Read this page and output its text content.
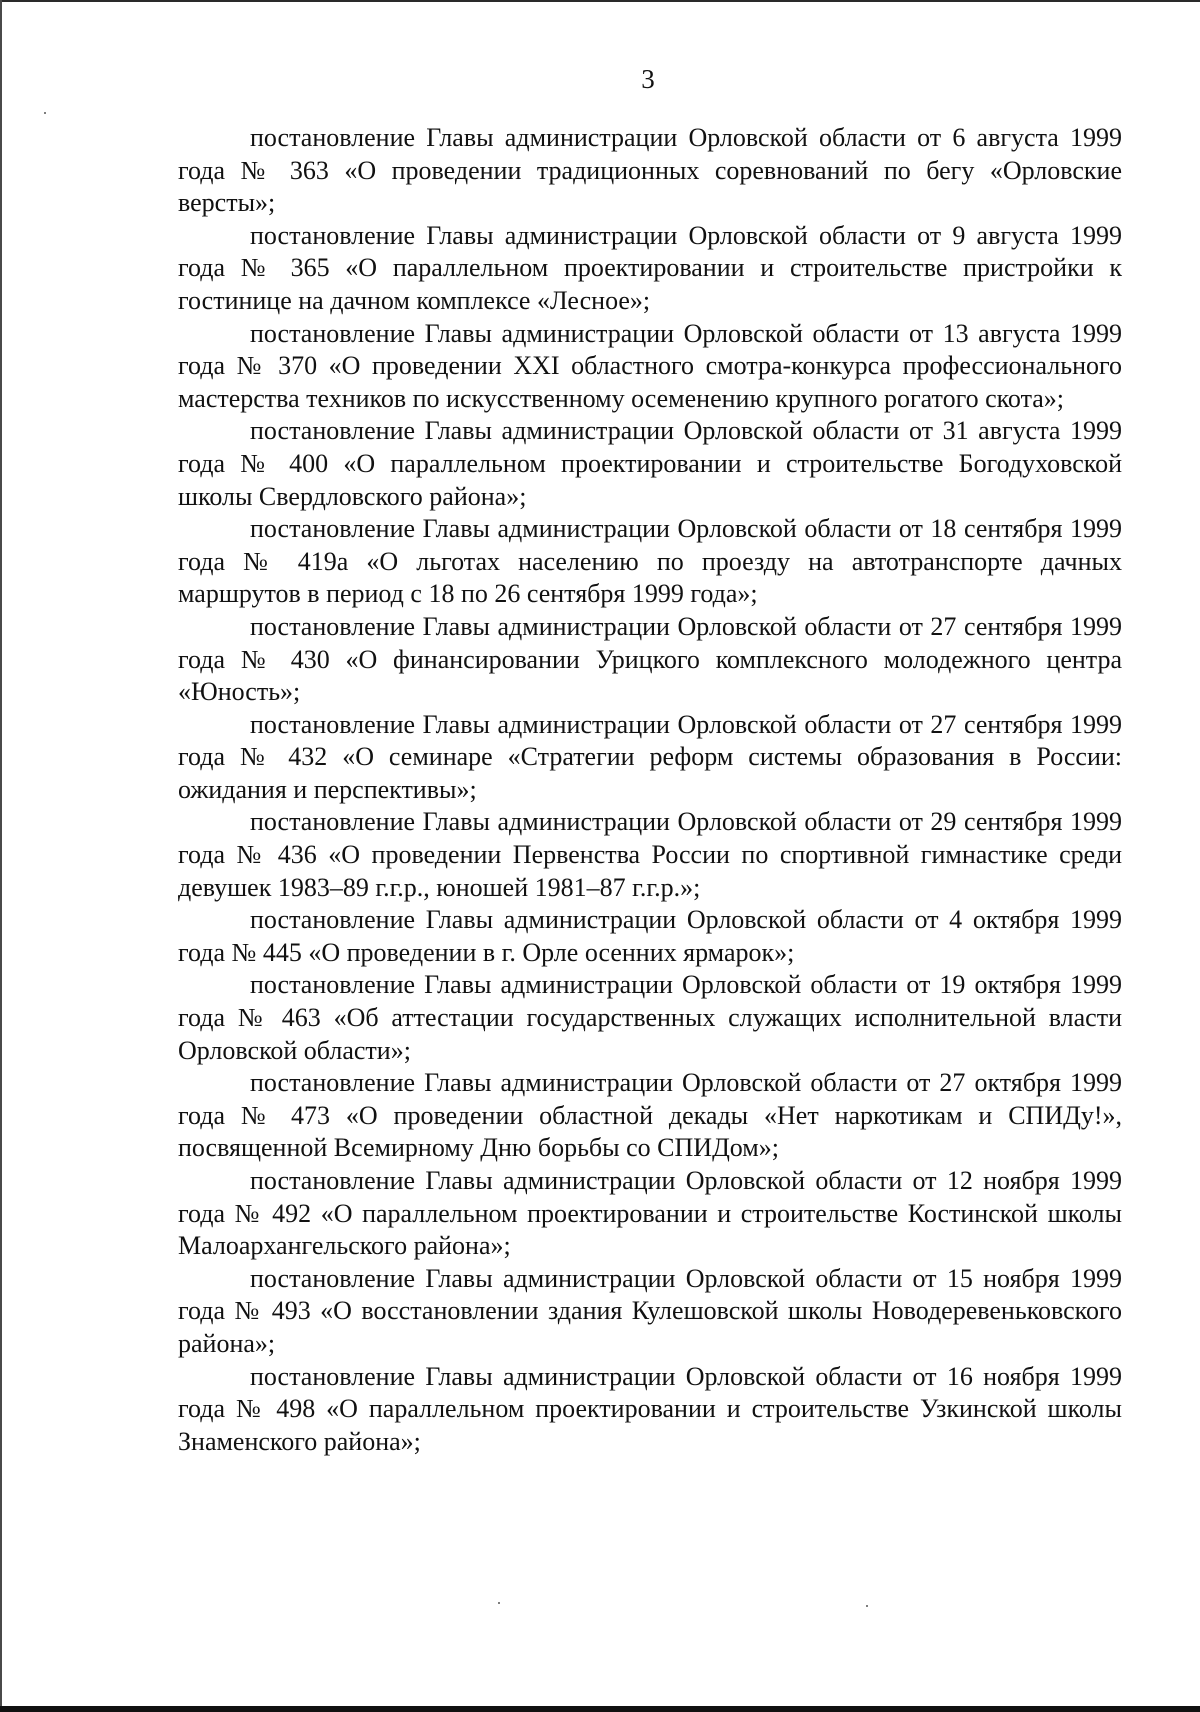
3

постановление Главы администрации Орловской области от 6 августа 1999 года № 363 «О проведении традиционных соревнований по бегу «Орловские версты»;

постановление Главы администрации Орловской области от 9 августа 1999 года № 365 «О параллельном проектировании и строительстве пристройки к гостинице на дачном комплексе «Лесное»;

постановление Главы администрации Орловской области от 13 августа 1999 года № 370 «О проведении XXI областного смотра-конкурса профессионального мастерства техников по искусственному осеменению крупного рогатого скота»;

постановление Главы администрации Орловской области от 31 августа 1999 года № 400 «О параллельном проектировании и строительстве Богодуховской школы Свердловского района»;

постановление Главы администрации Орловской области от 18 сентября 1999 года № 419а «О льготах населению по проезду на автотранспорте дачных маршрутов в период с 18 по 26 сентября 1999 года»;

постановление Главы администрации Орловской области от 27 сентября 1999 года № 430 «О финансировании Урицкого комплексного молодежного центра «Юность»;

постановление Главы администрации Орловской области от 27 сентября 1999 года № 432 «О семинаре «Стратегии реформ системы образования в России: ожидания и перспективы»;

постановление Главы администрации Орловской области от 29 сентября 1999 года № 436 «О проведении Первенства России по спортивной гимнастике среди девушек 1983–89 г.г.р., юношей 1981–87 г.г.р.»;

постановление Главы администрации Орловской области от 4 октября 1999 года № 445 «О проведении в г. Орле осенних ярмарок»;

постановление Главы администрации Орловской области от 19 октября 1999 года № 463 «Об аттестации государственных служащих исполнительной власти Орловской области»;

постановление Главы администрации Орловской области от 27 октября 1999 года № 473 «О проведении областной декады «Нет наркотикам и СПИДу!», посвященной Всемирному Дню борьбы со СПИДом»;

постановление Главы администрации Орловской области от 12 ноября 1999 года № 492 «О параллельном проектировании и строительстве Костинской школы Малоархангельского района»;

постановление Главы администрации Орловской области от 15 ноября 1999 года № 493 «О восстановлении здания Кулешовской школы Новодеревеньковского района»;

постановление Главы администрации Орловской области от 16 ноября 1999 года № 498 «О параллельном проектировании и строительстве Узкинской школы Знаменского района»;
